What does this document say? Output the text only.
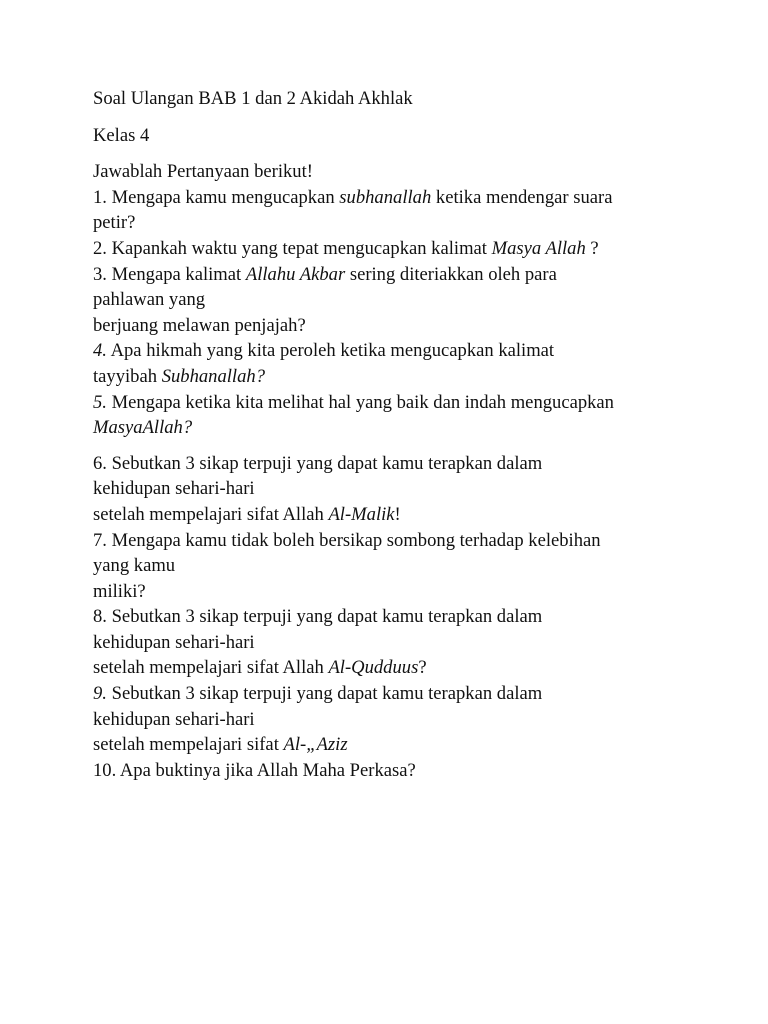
Soal Ulangan BAB 1 dan 2 Akidah Akhlak

Kelas 4

Jawablah Pertanyaan berikut!
1. Mengapa kamu mengucapkan subhanallah ketika mendengar suara
petir?
2. Kapankah waktu yang tepat mengucapkan kalimat Masya Allah ?
3. Mengapa kalimat Allahu Akbar sering diteriakkan oleh para
pahlawan yang
berjuang melawan penjajah?
4. Apa hikmah yang kita peroleh ketika mengucapkan kalimat
tayyibah Subhanallah?
5. Mengapa ketika kita melihat hal yang baik dan indah mengucapkan
MasyaAllah?
6. Sebutkan 3 sikap terpuji yang dapat kamu terapkan dalam
kehidupan sehari-hari
setelah mempelajari sifat Allah Al-Malik!
7. Mengapa kamu tidak boleh bersikap sombong terhadap kelebihan
yang kamu
miliki?
8. Sebutkan 3 sikap terpuji yang dapat kamu terapkan dalam
kehidupan sehari-hari
setelah mempelajari sifat Allah Al-Qudduus?
9. Sebutkan 3 sikap terpuji yang dapat kamu terapkan dalam
kehidupan sehari-hari
setelah mempelajari sifat Al-„Aziz
10. Apa buktinya jika Allah Maha Perkasa?
